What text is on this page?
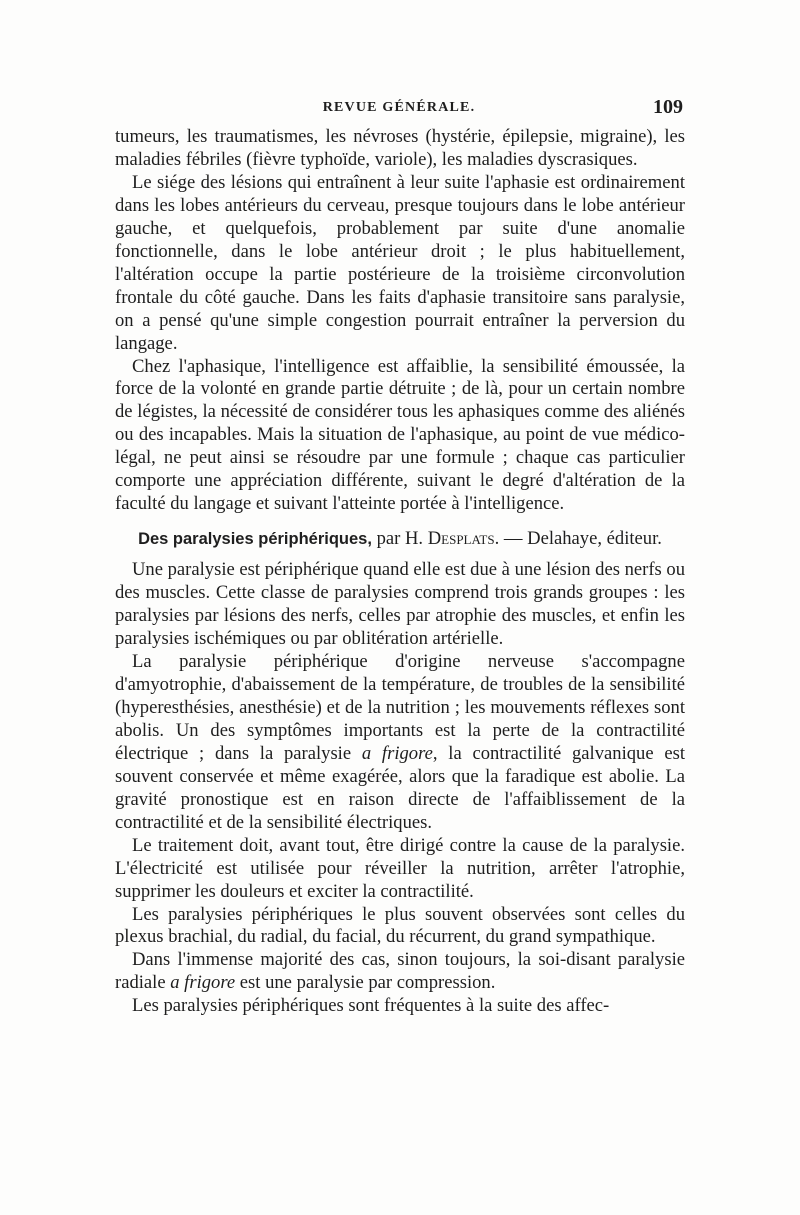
REVUE GÉNÉRALE.	109

tumeurs, les traumatismes, les névroses (hystérie, épilepsie, migraine), les maladies fébriles (fièvre typhoïde, variole), les maladies dyscrasiques.

Le siége des lésions qui entraînent à leur suite l'aphasie est ordinairement dans les lobes antérieurs du cerveau, presque toujours dans le lobe antérieur gauche, et quelquefois, probablement par suite d'une anomalie fonctionnelle, dans le lobe antérieur droit ; le plus habituellement, l'altération occupe la partie postérieure de la troisième circonvolution frontale du côté gauche. Dans les faits d'aphasie transitoire sans paralysie, on a pensé qu'une simple congestion pourrait entraîner la perversion du langage.

Chez l'aphasique, l'intelligence est affaiblie, la sensibilité émoussée, la force de la volonté en grande partie détruite ; de là, pour un certain nombre de légistes, la nécessité de considérer tous les aphasiques comme des aliénés ou des incapables. Mais la situation de l'aphasique, au point de vue médico-légal, ne peut ainsi se résoudre par une formule ; chaque cas particulier comporte une appréciation différente, suivant le degré d'altération de la faculté du langage et suivant l'atteinte portée à l'intelligence.

Des paralysies périphériques, par H. Desplats. — Delahaye, éditeur.

Une paralysie est périphérique quand elle est due à une lésion des nerfs ou des muscles. Cette classe de paralysies comprend trois grands groupes : les paralysies par lésions des nerfs, celles par atrophie des muscles, et enfin les paralysies ischémiques ou par oblitération artérielle.

La paralysie périphérique d'origine nerveuse s'accompagne d'amyotrophie, d'abaissement de la température, de troubles de la sensibilité (hyperesthésies, anesthésie) et de la nutrition ; les mouvements réflexes sont abolis. Un des symptômes importants est la perte de la contractilité électrique ; dans la paralysie a frigore, la contractilité galvanique est souvent conservée et même exagérée, alors que la faradique est abolie. La gravité pronostique est en raison directe de l'affaiblissement de la contractilité et de la sensibilité électriques.

Le traitement doit, avant tout, être dirigé contre la cause de la paralysie. L'électricité est utilisée pour réveiller la nutrition, arrêter l'atrophie, supprimer les douleurs et exciter la contractilité.

Les paralysies périphériques le plus souvent observées sont celles du plexus brachial, du radial, du facial, du récurrent, du grand sympathique.

Dans l'immense majorité des cas, sinon toujours, la soi-disant paralysie radiale a frigore est une paralysie par compression.

Les paralysies périphériques sont fréquentes à la suite des affec-
